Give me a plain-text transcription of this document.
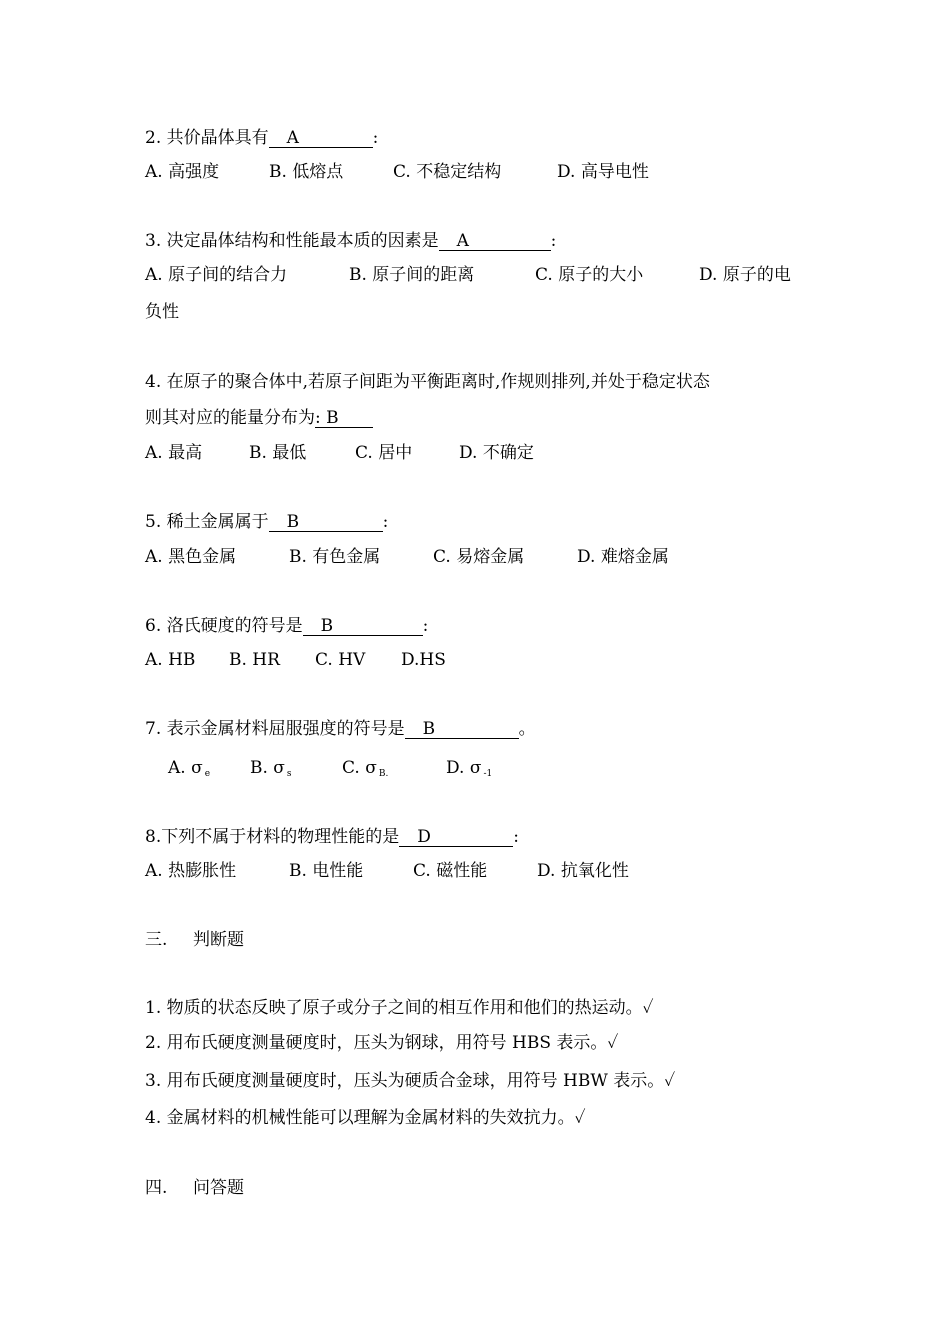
2. 共价晶体具有 A	:
A. 高强度	B. 低熔点	C. 不稳定结构	D. 高导电性
3. 决定晶体结构和性能最本质的因素是 A	:
A. 原子间的结合力	B. 原子间的距离	C. 原子的大小	D. 原子的电
负性
4. 在原子的聚合体中,若原子间距为平衡距离时,作规则排列,并处于稳定状态
则其对应的能量分布为: B
A. 最高	B. 最低	C. 居中	D. 不确定
5. 稀土金属属于 B	:
A. 黑色金属	B. 有色金属	C. 易熔金属	D. 难熔金属
6. 洛氏硬度的符号是 B	:
A. HB B. HR C. HV D.HS
7. 表示金属材料屈服强度的符号是 B	。
A. σ $_e$ B. σ $_s$	C. σ $_{B.}$	D. σ $_{-1}$
8.下列不属于材料的物理性能的是 D	:
A. 热膨胀性	B. 电性能	C. 磁性能	D. 抗氧化性
三. 判断题
1. 物质的状态反映了原子或分子之间的相互作用和他们的热运动。✓
2. 用布氏硬度测量硬度时，压头为钢球，用符号 HBS 表示。✓
3. 用布氏硬度测量硬度时，压头为硬质合金球，用符号 HBW 表示。✓
4. 金属材料的机械性能可以理解为金属材料的失效抗力。✓
四. 问答题
